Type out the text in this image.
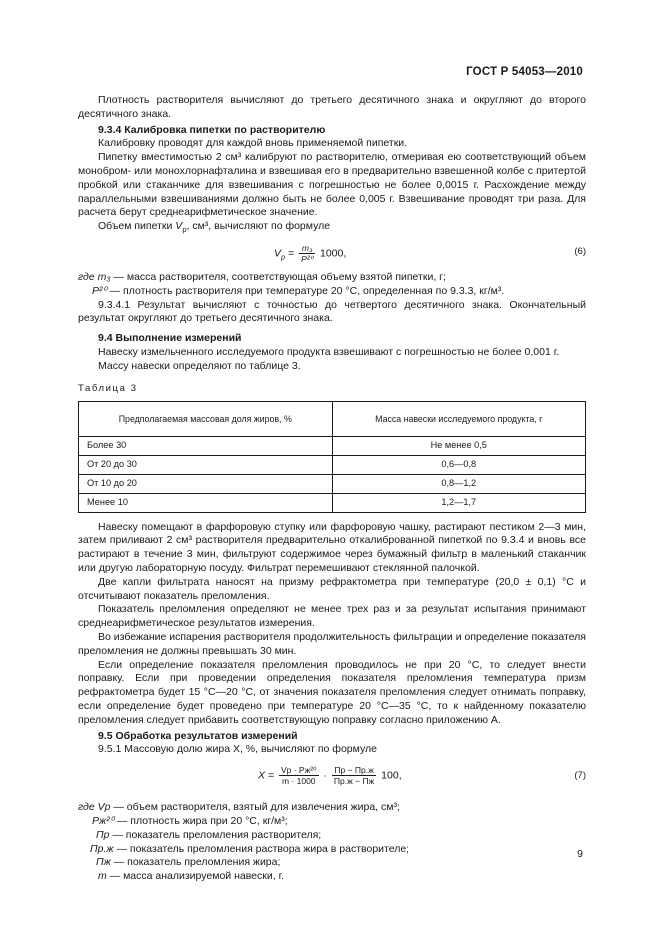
ГОСТ Р 54053—2010

Плотность растворителя вычисляют до третьего десятичного знака и округляют до второго десятичного знака.

9.3.4 Калибровка пипетки по растворителю

Калибровку проводят для каждой вновь применяемой пипетки.

Пипетку вместимостью 2 см³ калибруют по растворителю, отмеривая ею соответствующий объем монобром- или монохлорнафталина и взвешивая его в предварительно взвешенной колбе с притертой пробкой или стаканчике для взвешивания с погрешностью не более 0,0015 г. Расхождение между параллельными взвешиваниями должно быть не более 0,005 г. Взвешивание проводят три раза. Для расчета берут среднеарифметическое значение.

Объем пипетки $V_р$, см³, вычисляют по формуле

$V_р = \frac{\text{m₃}}{\text{P²⁰}} 1000$,	(6)
где m₃ — масса растворителя, соответствующая объему взятой пипетки, г;
P²⁰ — плотность растворителя при температуре 20 °С, определенная по 9.3.3, кг/м³.

9.3.4.1 Результат вычисляют с точностью до четвертого десятичного знака. Окончательный результат округляют до третьего десятичного знака.

9.4 Выполнение измерений

Навеску измельченного исследуемого продукта взвешивают с погрешностью не более 0,001 г.

Массу навески определяют по таблице 3.

Таблица 3
Предполагаемая массовая доля жиров, %	Масса навески исследуемого продукта, г
Более 30	Не менее 0,5
От 20 до 30	0,6—0,8
От 10 до 20	0,8—1,2
Менее 10	1,2—1,7

Навеску помещают в фарфоровую ступку или фарфоровую чашку, растирают пестиком 2—3 мин, затем приливают 2 см³ растворителя предварительно откалиброванной пипеткой по 9.3.4 и вновь все растирают в течение 3 мин, фильтруют содержимое через бумажный фильтр в маленький стаканчик или другую лабораторную посуду. Фильтрат перемешивают стеклянной палочкой.

Две капли фильтрата наносят на призму рефрактометра при температуре (20,0 ± 0,1) °С и отсчитывают показатель преломления.

Показатель преломления определяют не менее трех раз и за результат испытания принимают среднеарифметическое результатов измерения.

Во избежание испарения растворителя продолжительность фильтрации и определение показателя преломления не должны превышать 30 мин.

Если определение показателя преломления проводилось не при 20 °С, то следует внести поправку. Если при проведении определения показателя преломления температура призм рефрактометра будет 15 °С—20 °С, от значения показателя преломления следует отнимать поправку, если определение будет проведено при температуре 20 °С—35 °С, то к найденному показателю преломления следует прибавить соответствующую поправку согласно приложению А.

9.5 Обработка результатов измерений

9.5.1 Массовую долю жира X, %, вычисляют по формуле

$X = \frac{\text{Vр · Pж²⁰}}{m \cdot 1000} \cdot \frac{Пр - Пр.ж}{Пр.ж - Пж} 100$,	(7)
где Vр — объем растворителя, взятый для извлечения жира, см³;
Pж²⁰ — плотность жира при 20 °С, кг/м³;
Пр — показатель преломления растворителя;
Пр.ж — показатель преломления раствора жира в растворителе;
Пж — показатель преломления жира;
m — масса анализируемой навески, г.
9
